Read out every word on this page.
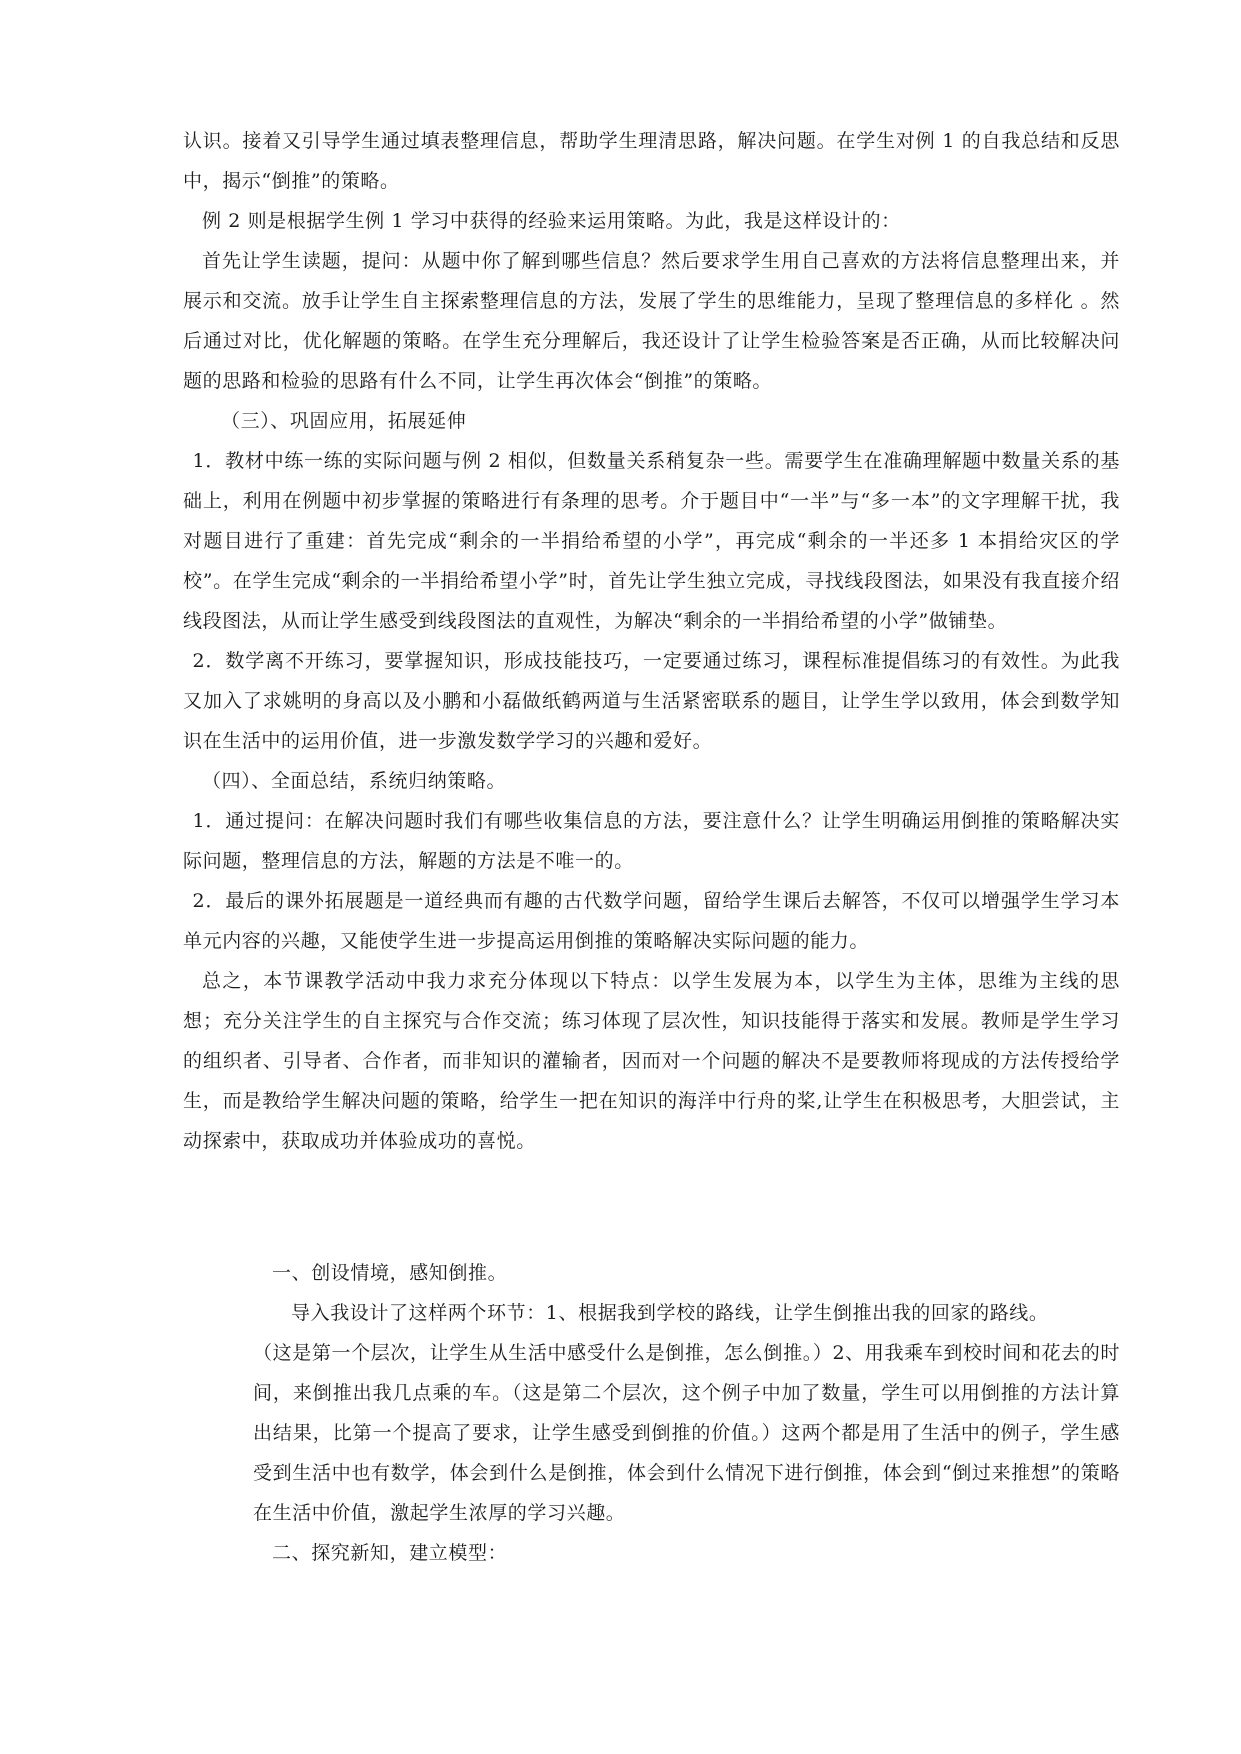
认识。接着又引导学生通过填表整理信息，帮助学生理清思路，解决问题。在学生对例 1 的自我总结和反思中，揭示“倒推”的策略。

例 2 则是根据学生例 1 学习中获得的经验来运用策略。为此，我是这样设计的：

首先让学生读题，提问：从题中你了解到哪些信息？然后要求学生用自己喜欢的方法将信息整理出来，并展示和交流。放手让学生自主探索整理信息的方法，发展了学生的思维能力，呈现了整理信息的多样化 。然后通过对比，优化解题的策略。在学生充分理解后，我还设计了让学生检验答案是否正确，从而比较解决问题的思路和检验的思路有什么不同，让学生再次体会“倒推”的策略。

（三）、巩固应用，拓展延伸

1．教材中练一练的实际问题与例 2 相似，但数量关系稍复杂一些。需要学生在准确理解题中数量关系的基础上，利用在例题中初步掌握的策略进行有条理的思考。介于题目中“一半”与“多一本”的文字理解干扰，我对题目进行了重建：首先完成“剩余的一半捐给希望的小学”，再完成“剩余的一半还多 1 本捐给灾区的学校”。在学生完成“剩余的一半捐给希望小学”时，首先让学生独立完成，寻找线段图法，如果没有我直接介绍线段图法，从而让学生感受到线段图法的直观性，为解决“剩余的一半捐给希望的小学”做铺垫。

2．数学离不开练习，要掌握知识，形成技能技巧，一定要通过练习，课程标准提倡练习的有效性。为此我又加入了求姚明的身高以及小鹏和小磊做纸鹤两道与生活紧密联系的题目，让学生学以致用，体会到数学知识在生活中的运用价值，进一步激发数学学习的兴趣和爱好。

（四）、全面总结，系统归纳策略。

1．通过提问：在解决问题时我们有哪些收集信息的方法，要注意什么？让学生明确运用倒推的策略解决实际问题，整理信息的方法，解题的方法是不唯一的。

2．最后的课外拓展题是一道经典而有趣的古代数学问题，留给学生课后去解答，不仅可以增强学生学习本单元内容的兴趣，又能使学生进一步提高运用倒推的策略解决实际问题的能力。

总之，本节课教学活动中我力求充分体现以下特点：以学生发展为本，以学生为主体，思维为主线的思想；充分关注学生的自主探究与合作交流；练习体现了层次性，知识技能得于落实和发展。教师是学生学习的组织者、引导者、合作者，而非知识的灌输者，因而对一个问题的解决不是要教师将现成的方法传授给学生，而是教给学生解决问题的策略，给学生一把在知识的海洋中行舟的桨,让学生在积极思考，大胆尝试，主动探索中，获取成功并体验成功的喜悦。

一、创设情境，感知倒推。

导入我设计了这样两个环节：1、根据我到学校的路线，让学生倒推出我的回家的路线。

（这是第一个层次，让学生从生活中感受什么是倒推，怎么倒推。）2、用我乘车到校时间和花去的时间，来倒推出我几点乘的车。（这是第二个层次，这个例子中加了数量，学生可以用倒推的方法计算出结果，比第一个提高了要求，让学生感受到倒推的价值。）这两个都是用了生活中的例子，学生感受到生活中也有数学，体会到什么是倒推，体会到什么情况下进行倒推，体会到“倒过来推想”的策略在生活中价值，激起学生浓厚的学习兴趣。

二、探究新知，建立模型：
